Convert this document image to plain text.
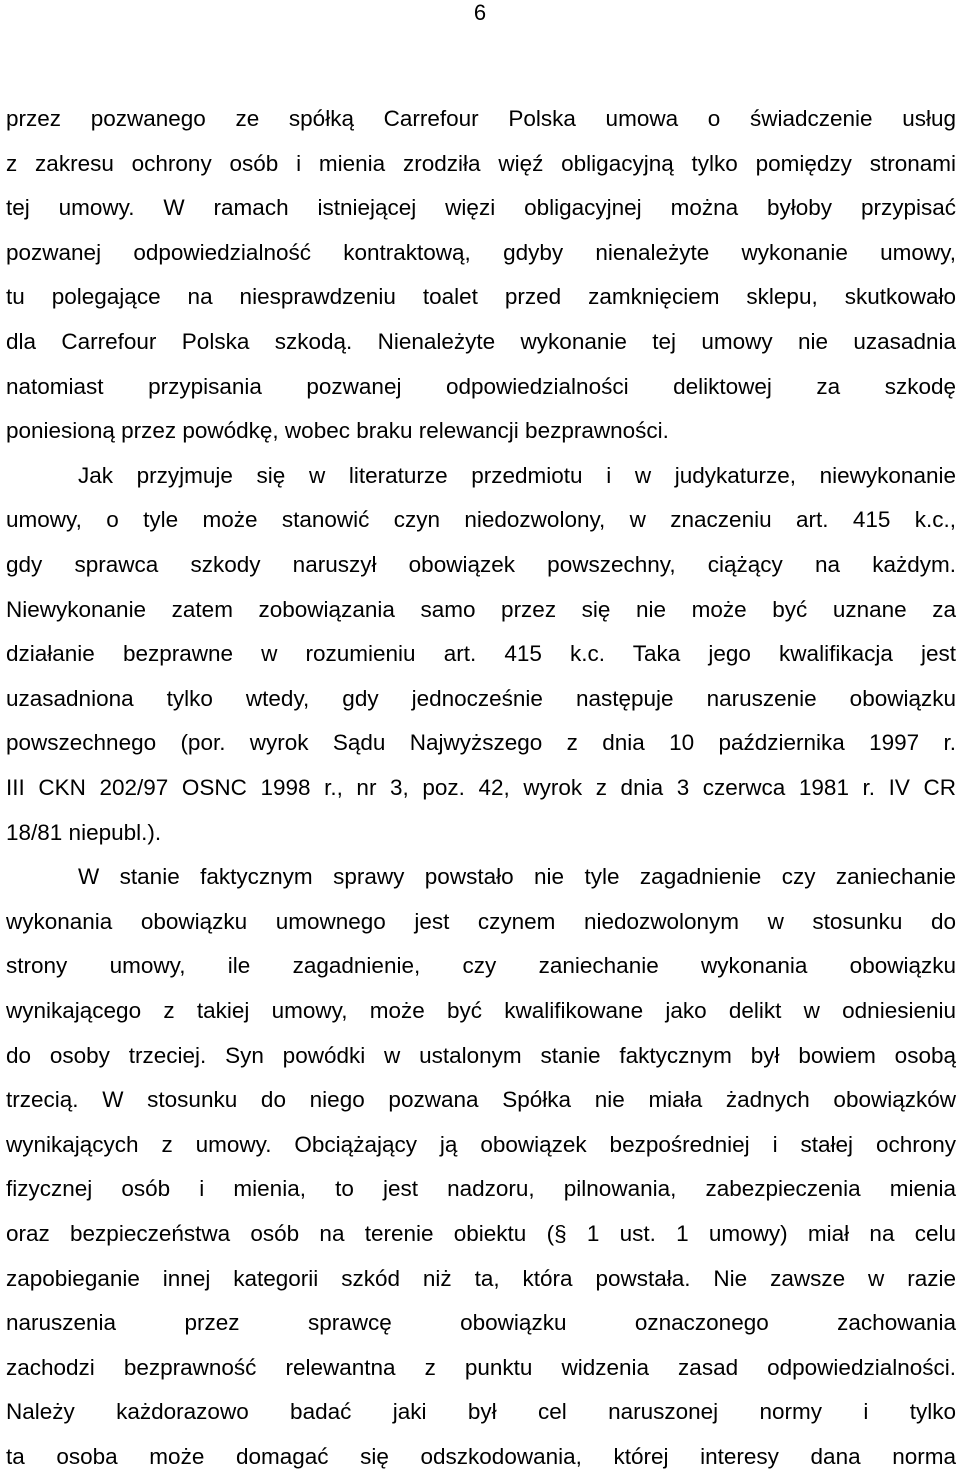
6
przez pozwanego ze spółką Carrefour Polska umowa o świadczenie usług
z zakresu ochrony osób i mienia zrodziła więź obligacyjną tylko pomiędzy stronami
tej umowy. W ramach istniejącej więzi obligacyjnej można byłoby przypisać
pozwanej odpowiedzialność kontraktową, gdyby nienależyte wykonanie umowy,
tu polegające na niesprawdzeniu toalet przed zamknięciem sklepu, skutkowało
dla Carrefour Polska szkodą. Nienależyte wykonanie tej umowy nie uzasadnia
natomiast przypisania pozwanej odpowiedzialności deliktowej za szkodę
poniesioną przez powódkę, wobec braku relewancji bezprawności.
Jak przyjmuje się w literaturze przedmiotu i w judykaturze, niewykonanie
umowy, o tyle może stanowić czyn niedozwolony, w znaczeniu art. 415 k.c.,
gdy sprawca szkody naruszył obowiązek powszechny, ciążący na każdym.
Niewykonanie zatem zobowiązania samo przez się nie może być uznane za
działanie bezprawne w rozumieniu art. 415 k.c. Taka jego kwalifikacja jest
uzasadniona tylko wtedy, gdy jednocześnie następuje naruszenie obowiązku
powszechnego (por. wyrok Sądu Najwyższego z dnia 10 października 1997 r.
III CKN 202/97 OSNC 1998 r., nr 3, poz. 42, wyrok z dnia 3 czerwca 1981 r. IV CR
18/81 niepubl.).
W stanie faktycznym sprawy powstało nie tyle zagadnienie czy zaniechanie
wykonania obowiązku umownego jest czynem niedozwolonym w stosunku do
strony umowy, ile zagadnienie, czy zaniechanie wykonania obowiązku
wynikającego z takiej umowy, może być kwalifikowane jako delikt w odniesieniu
do osoby trzeciej. Syn powódki w ustalonym stanie faktycznym był bowiem osobą
trzecią. W stosunku do niego pozwana Spółka nie miała żadnych obowiązków
wynikających z umowy. Obciążający ją obowiązek bezpośredniej i stałej ochrony
fizycznej osób i mienia, to jest nadzoru, pilnowania, zabezpieczenia mienia
oraz bezpieczeństwa osób na terenie obiektu (§ 1 ust. 1 umowy) miał na celu
zapobieganie innej kategorii szkód niż ta, która powstała. Nie zawsze w razie
naruszenia przez sprawcę obowiązku oznaczonego zachowania
zachodzi bezprawność relewantna z punktu widzenia zasad odpowiedzialności.
Należy każdorazowo badać jaki był cel naruszonej normy i tylko
ta osoba może domagać się odszkodowania, której interesy dana norma
